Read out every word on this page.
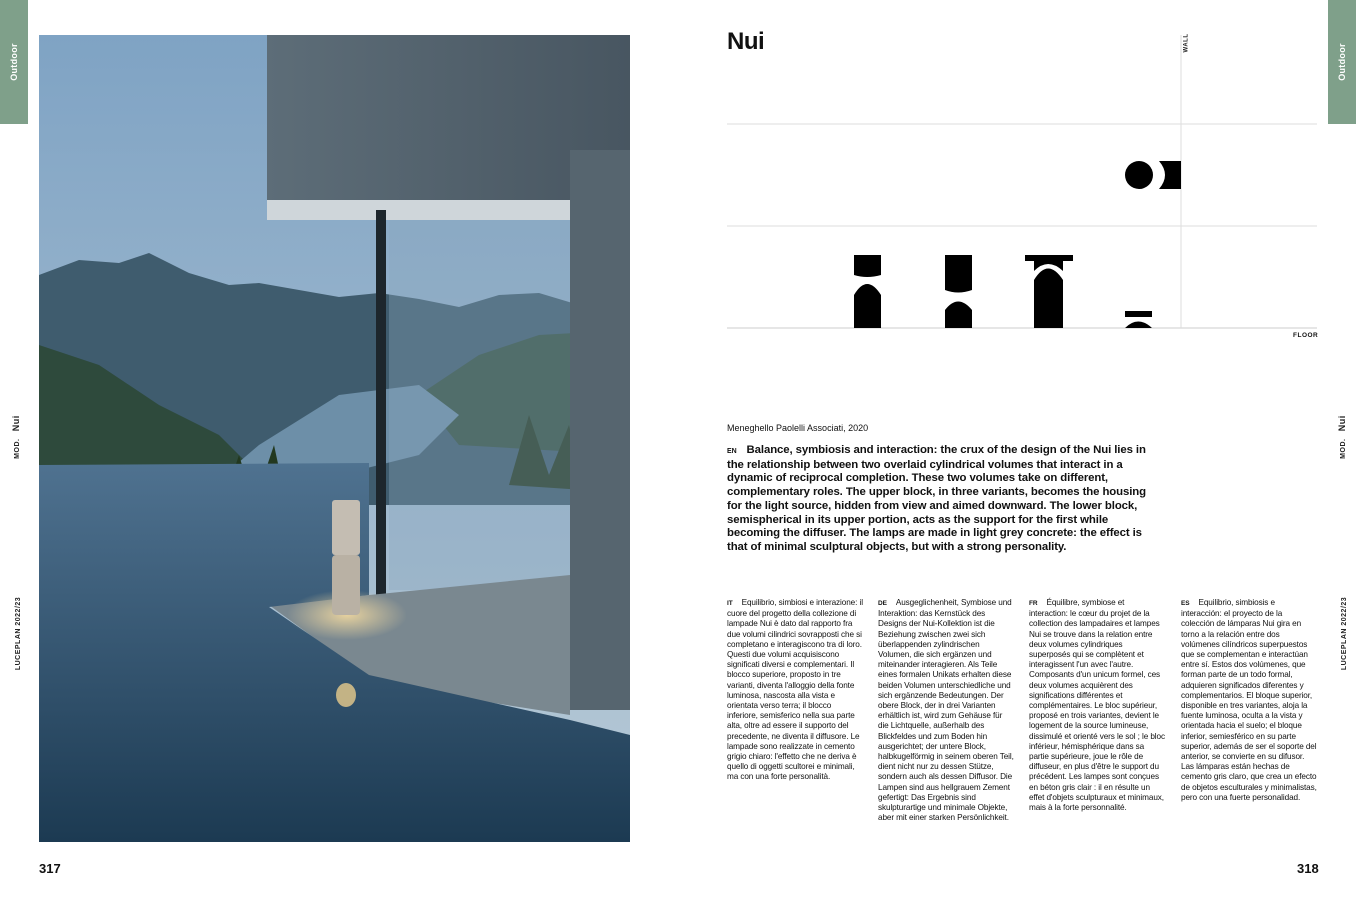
Outdoor
MOD.   Nui
LUCEPLAN 2022/23
Outdoor
MOD.   Nui
LUCEPLAN 2022/23
317	318
Nui	WALL
FLOOR
Meneghello Paolelli Associati, 2020
EN Balance, symbiosis and interaction: the crux of the design of the Nui lies in the relationship between two overlaid cylindrical volumes that interact in a dynamic of reciprocal completion. These two volumes take on different, complementary roles. The upper block, in three variants, becomes the housing for the light source, hidden from view and aimed downward. The lower block, semispherical in its upper portion, acts as the support for the first while becoming the diffuser. The lamps are made in light grey concrete: the effect is that of minimal sculptural objects, but with a strong personality.
IT Equilibrio, simbiosi e interazione: il cuore del progetto della collezione di lampade Nui è dato dal rapporto fra due volumi cilindrici sovrapposti che si completano e interagiscono tra di loro. Questi due volumi acquisiscono significati diversi e complementari. Il blocco superiore, proposto in tre varianti, diventa l'alloggio della fonte luminosa, nascosta alla vista e orientata verso terra; il blocco inferiore, semisferico nella sua parte alta, oltre ad essere il supporto del precedente, ne diventa il diffusore. Le lampade sono realizzate in cemento grigio chiaro: l'effetto che ne deriva è quello di oggetti scultorei e minimali, ma con una forte personalità.
DE Ausgeglichenheit, Symbiose und Interaktion: das Kernstück des Designs der Nui-Kollektion ist die Beziehung zwischen zwei sich überlappenden zylindrischen Volumen, die sich ergänzen und miteinander interagieren. Als Teile eines formalen Unikats erhalten diese beiden Volumen unterschiedliche und sich ergänzende Bedeutungen. Der obere Block, der in drei Varianten erhältlich ist, wird zum Gehäuse für die Lichtquelle, außerhalb des Blickfeldes und zum Boden hin ausgerichtet; der untere Block, halbkugelförmig in seinem oberen Teil, dient nicht nur zu dessen Stütze, sondern auch als dessen Diffusor. Die Lampen sind aus hellgrauem Zement gefertigt: Das Ergebnis sind skulpturartige und minimale Objekte, aber mit einer starken Persönlichkeit.
FR Équilibre, symbiose et interaction: le cœur du projet de la collection des lampadaires et lampes Nui se trouve dans la relation entre deux volumes cylindriques superposés qui se complètent et interagissent l'un avec l'autre. Composants d'un unicum formel, ces deux volumes acquièrent des significations différentes et complémentaires. Le bloc supérieur, proposé en trois variantes, devient le logement de la source lumineuse, dissimulé et orienté vers le sol ; le bloc inférieur, hémisphérique dans sa partie supérieure, joue le rôle de diffuseur, en plus d'être le support du précédent. Les lampes sont conçues en béton gris clair : il en résulte un effet d'objets sculpturaux et minimaux, mais à la forte personnalité.
ES Equilibrio, simbiosis e interacción: el proyecto de la colección de lámparas Nui gira en torno a la relación entre dos volúmenes cilíndricos superpuestos que se complementan e interactúan entre sí. Estos dos volúmenes, que forman parte de un todo formal, adquieren significados diferentes y complementarios. El bloque superior, disponible en tres variantes, aloja la fuente luminosa, oculta a la vista y orientada hacia el suelo; el bloque inferior, semiesférico en su parte superior, además de ser el soporte del anterior, se convierte en su difusor. Las lámparas están hechas de cemento gris claro, que crea un efecto de objetos esculturales y minimalistas, pero con una fuerte personalidad.
